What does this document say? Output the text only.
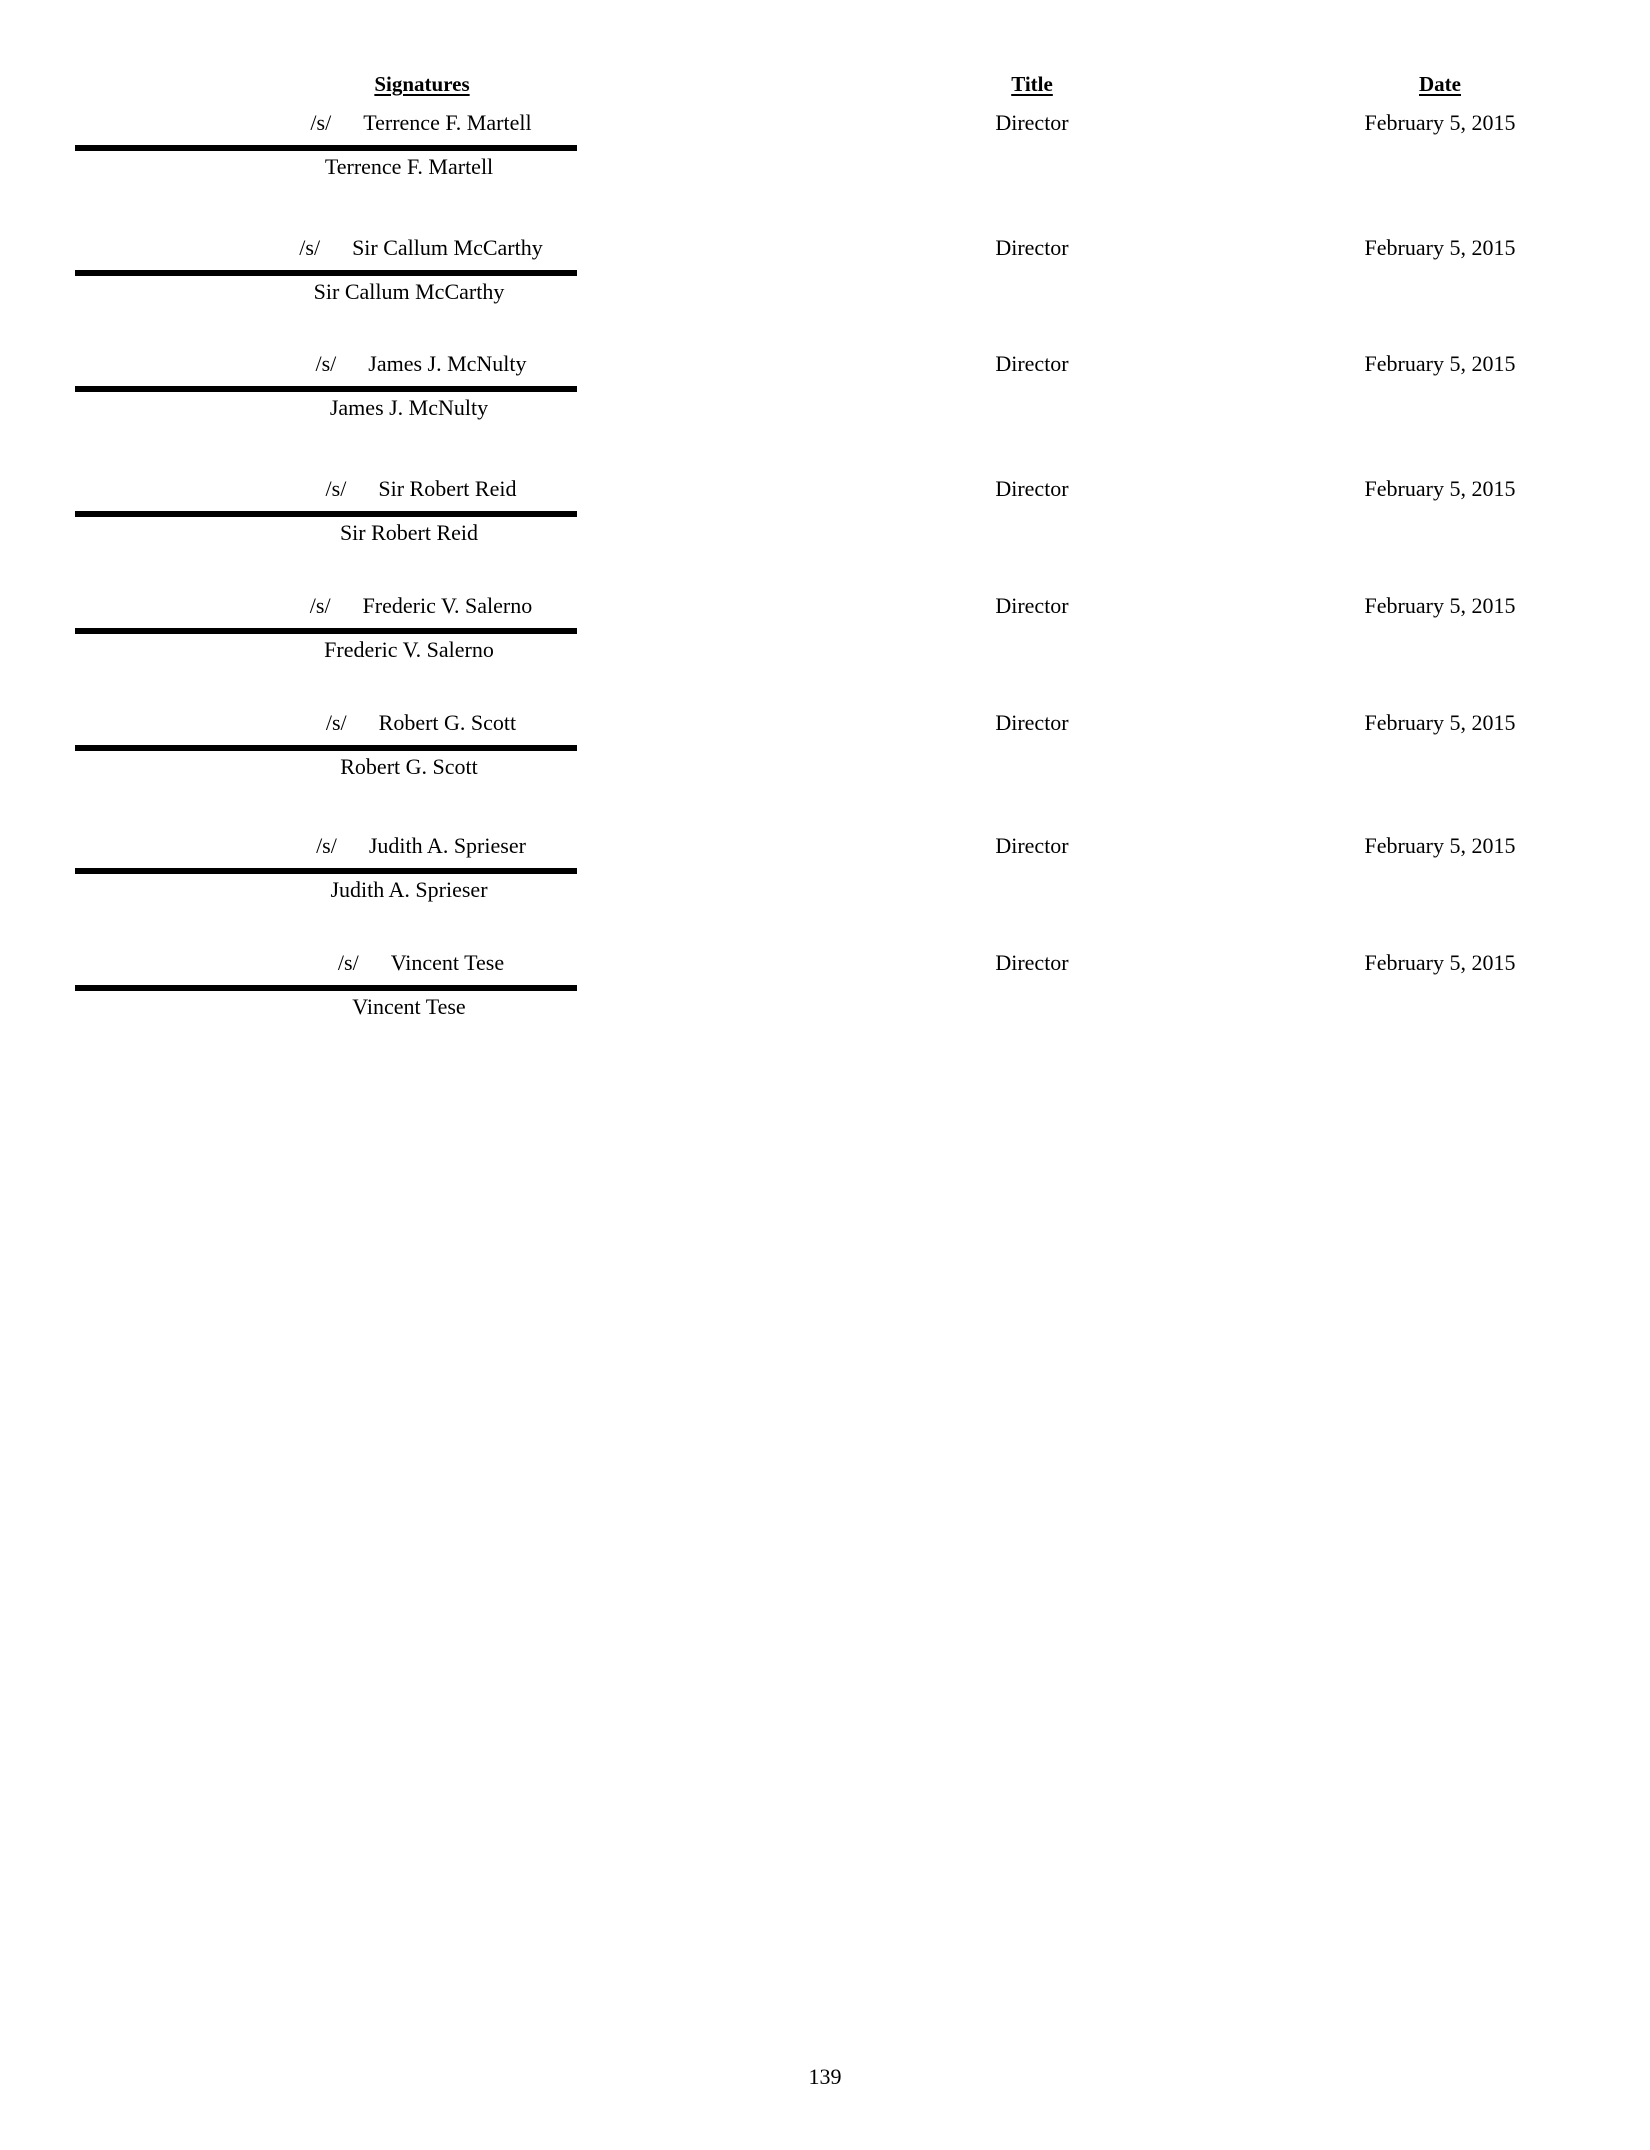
Signatures	Title	Date
/s/ Terrence F. Martell
Terrence F. Martell
Director	February 5, 2015
/s/ Sir Callum McCarthy
Sir Callum McCarthy
Director	February 5, 2015
/s/ James J. McNulty
James J. McNulty
Director	February 5, 2015
/s/ Sir Robert Reid
Sir Robert Reid
Director	February 5, 2015
/s/ Frederic V. Salerno
Frederic V. Salerno
Director	February 5, 2015
/s/ Robert G. Scott
Robert G. Scott
Director	February 5, 2015
/s/ Judith A. Sprieser
Judith A. Sprieser
Director	February 5, 2015
/s/ Vincent Tese
Vincent Tese
Director	February 5, 2015
139
